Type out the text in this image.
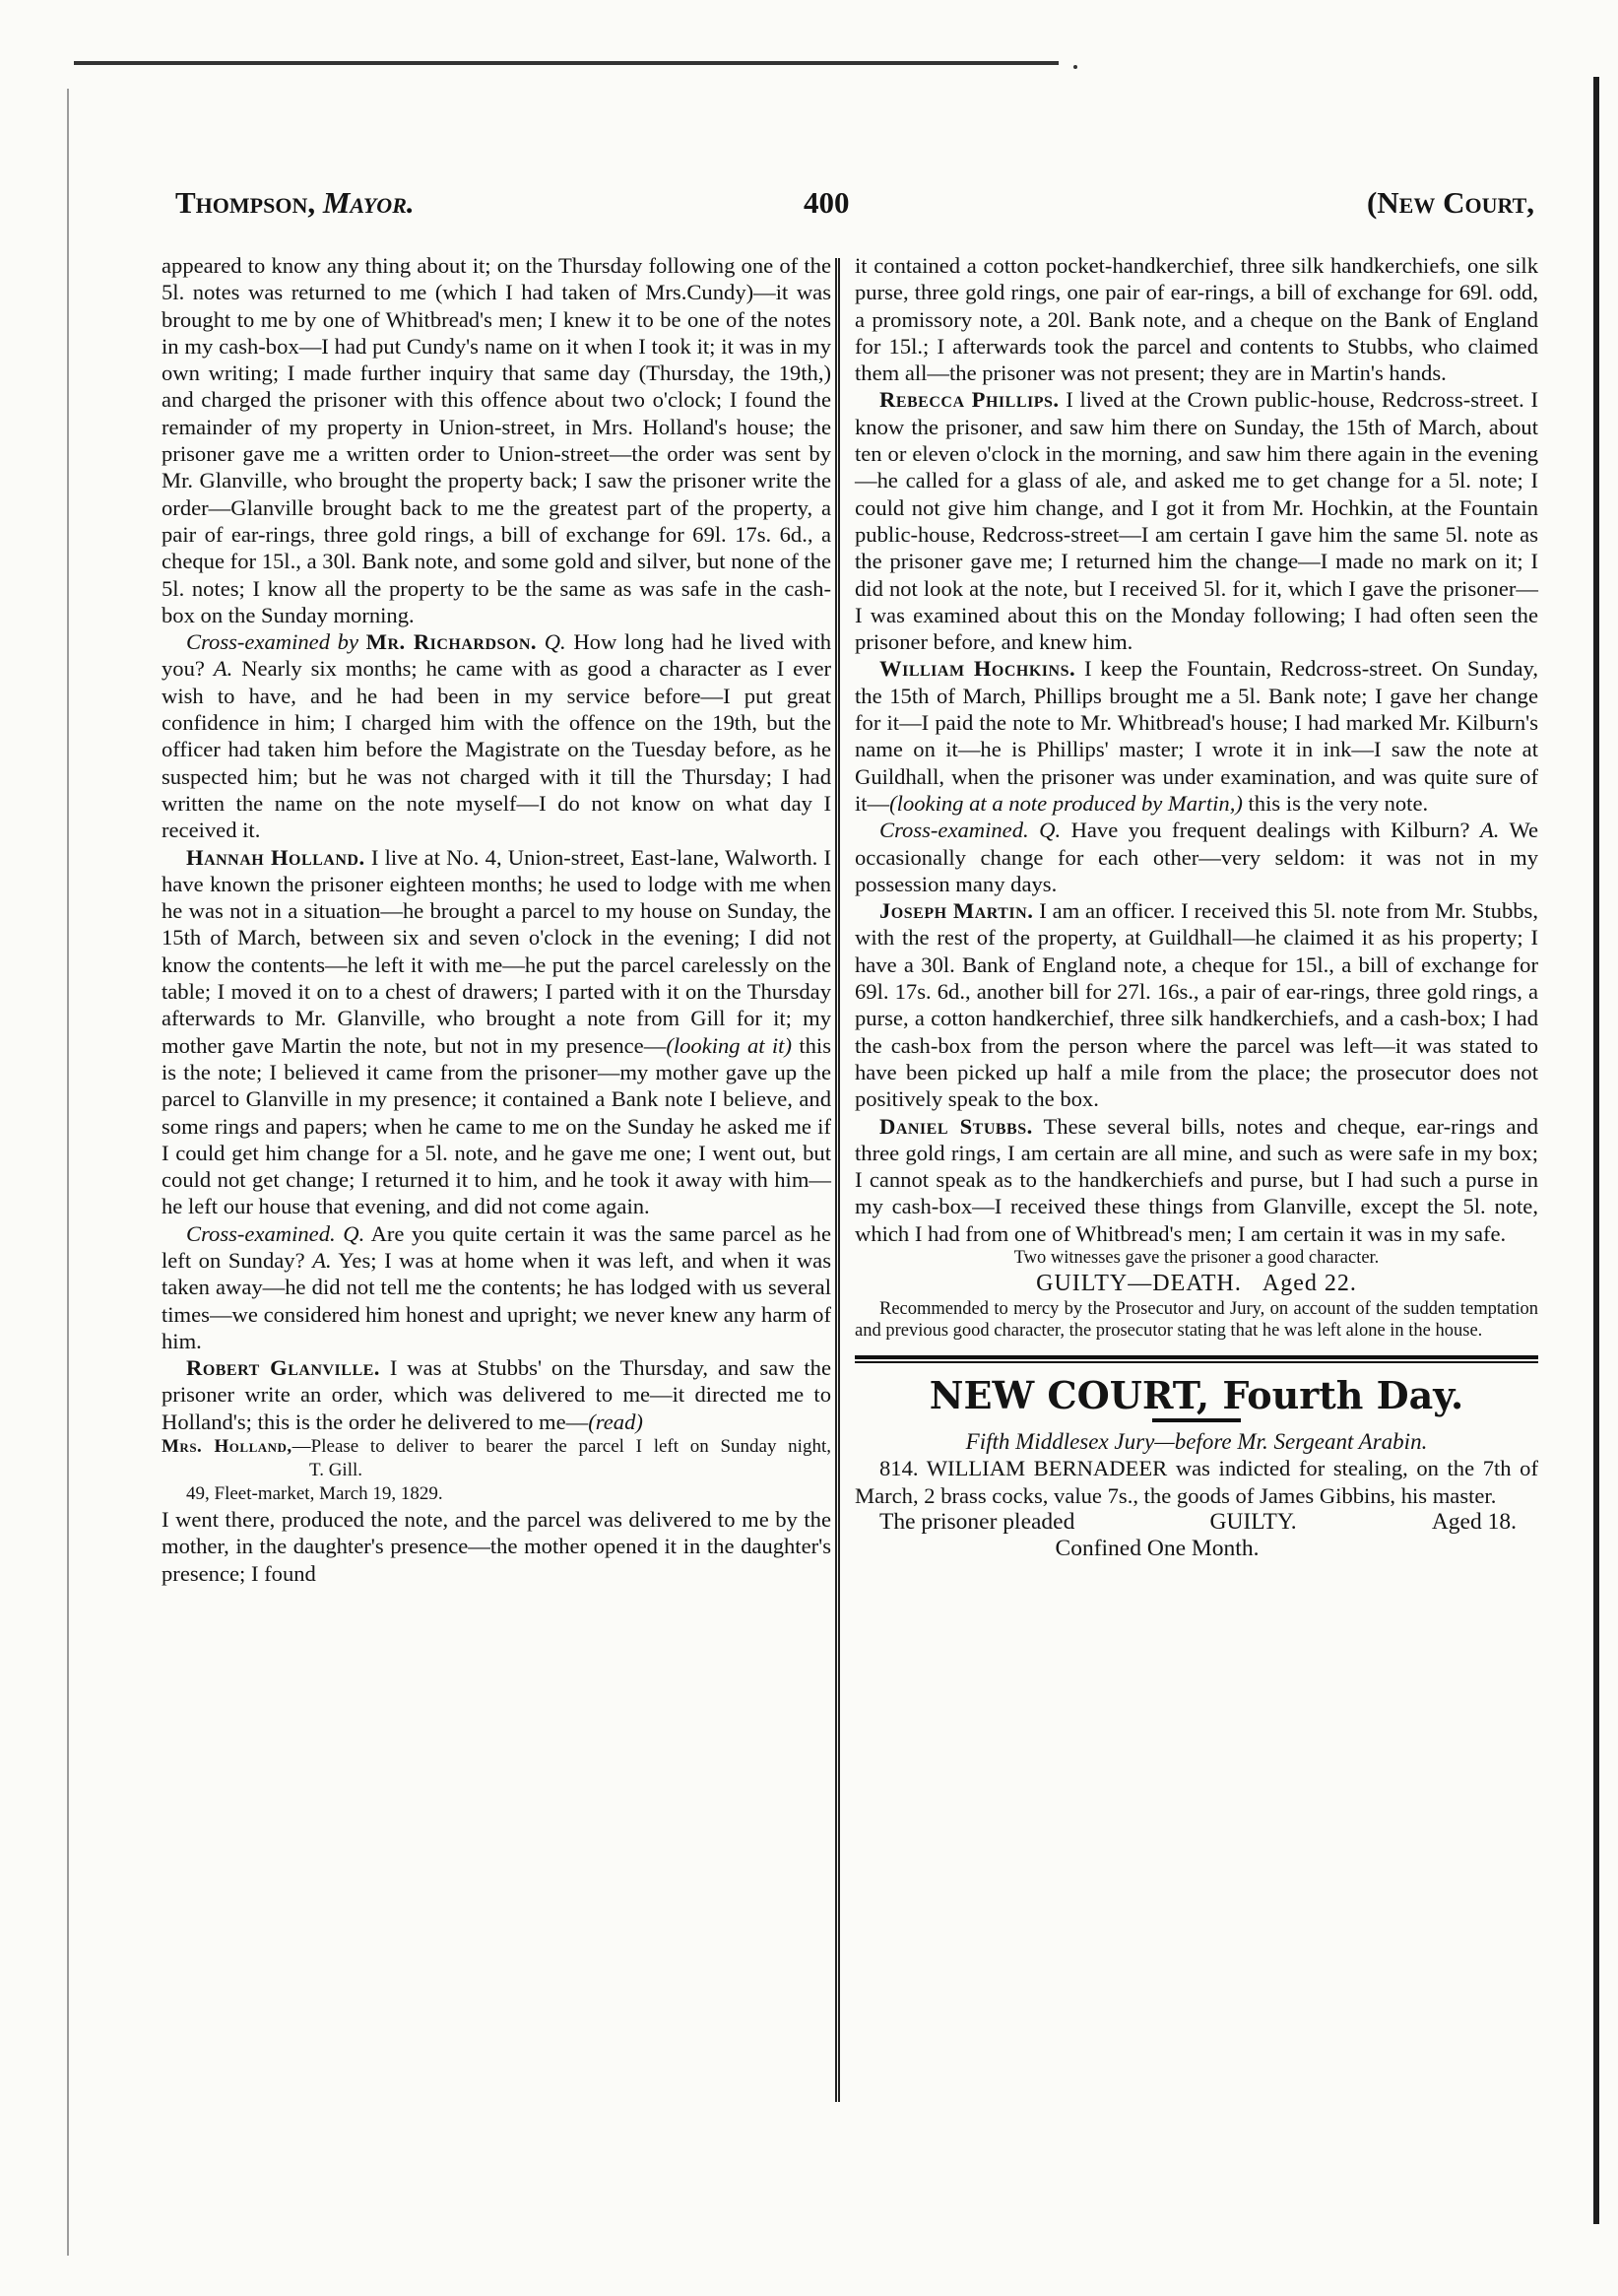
Thompson, Mayor.	400	(New Court,

appeared to know any thing about it; on the Thursday following one of the 5l. notes was returned to me (which I had taken of Mrs.Cundy)—it was brought to me by one of Whitbread's men; I knew it to be one of the notes in my cash-box—I had put Cundy's name on it when I took it; it was in my own writing; I made further inquiry that same day (Thursday, the 19th,) and charged the prisoner with this offence about two o'clock; I found the remainder of my property in Union-street, in Mrs. Holland's house; the prisoner gave me a written order to Union-street—the order was sent by Mr. Glanville, who brought the property back; I saw the prisoner write the order—Glanville brought back to me the greatest part of the property, a pair of ear-rings, three gold rings, a bill of exchange for 69l. 17s. 6d., a cheque for 15l., a 30l. Bank note, and some gold and silver, but none of the 5l. notes; I know all the property to be the same as was safe in the cash-box on the Sunday morning.

Cross-examined by Mr. Richardson. Q. How long had he lived with you? A. Nearly six months; he came with as good a character as I ever wish to have, and he had been in my service before—I put great confidence in him; I charged him with the offence on the 19th, but the officer had taken him before the Magistrate on the Tuesday before, as he suspected him; but he was not charged with it till the Thursday; I had written the name on the note myself—I do not know on what day I received it.

Hannah Holland. I live at No. 4, Union-street, East-lane, Walworth. I have known the prisoner eighteen months; he used to lodge with me when he was not in a situation—he brought a parcel to my house on Sunday, the 15th of March, between six and seven o'clock in the evening; I did not know the contents—he left it with me—he put the parcel carelessly on the table; I moved it on to a chest of drawers; I parted with it on the Thursday afterwards to Mr. Glanville, who brought a note from Gill for it; my mother gave Martin the note, but not in my presence—(looking at it) this is the note; I believed it came from the prisoner—my mother gave up the parcel to Glanville in my presence; it contained a Bank note I believe, and some rings and papers; when he came to me on the Sunday he asked me if I could get him change for a 5l. note, and he gave me one; I went out, but could not get change; I returned it to him, and he took it away with him—he left our house that evening, and did not come again.

Cross-examined. Q. Are you quite certain it was the same parcel as he left on Sunday? A. Yes; I was at home when it was left, and when it was taken away—he did not tell me the contents; he has lodged with us several times—we considered him honest and upright; we never knew any harm of him.

Robert Glanville. I was at Stubbs' on the Thursday, and saw the prisoner write an order, which was delivered to me—it directed me to Holland's; this is the order he delivered to me—(read)

Mrs. Holland,—Please to deliver to bearer the parcel I left on Sunday night, T. Gill.

49, Fleet-market, March 19, 1829.

I went there, produced the note, and the parcel was delivered to me by the mother, in the daughter's presence—the mother opened it in the daughter's presence; I found

it contained a cotton pocket-handkerchief, three silk handkerchiefs, one silk purse, three gold rings, one pair of ear-rings, a bill of exchange for 69l. odd, a promissory note, a 20l. Bank note, and a cheque on the Bank of England for 15l.; I afterwards took the parcel and contents to Stubbs, who claimed them all—the prisoner was not present; they are in Martin's hands.

Rebecca Phillips. I lived at the Crown public-house, Redcross-street. I know the prisoner, and saw him there on Sunday, the 15th of March, about ten or eleven o'clock in the morning, and saw him there again in the evening—he called for a glass of ale, and asked me to get change for a 5l. note; I could not give him change, and I got it from Mr. Hochkin, at the Fountain public-house, Redcross-street—I am certain I gave him the same 5l. note as the prisoner gave me; I returned him the change—I made no mark on it; I did not look at the note, but I received 5l. for it, which I gave the prisoner—I was examined about this on the Monday following; I had often seen the prisoner before, and knew him.

William Hochkins. I keep the Fountain, Redcross-street. On Sunday, the 15th of March, Phillips brought me a 5l. Bank note; I gave her change for it—I paid the note to Mr. Whitbread's house; I had marked Mr. Kilburn's name on it—he is Phillips' master; I wrote it in ink—I saw the note at Guildhall, when the prisoner was under examination, and was quite sure of it—(looking at a note produced by Martin,) this is the very note.

Cross-examined. Q. Have you frequent dealings with Kilburn? A. We occasionally change for each other—very seldom: it was not in my possession many days.

Joseph Martin. I am an officer. I received this 5l. note from Mr. Stubbs, with the rest of the property, at Guildhall—he claimed it as his property; I have a 30l. Bank of England note, a cheque for 15l., a bill of exchange for 69l. 17s. 6d., another bill for 27l. 16s., a pair of ear-rings, three gold rings, a purse, a cotton handkerchief, three silk handkerchiefs, and a cash-box; I had the cash-box from the person where the parcel was left—it was stated to have been picked up half a mile from the place; the prosecutor does not positively speak to the box.

Daniel Stubbs. These several bills, notes and cheque, ear-rings and three gold rings, I am certain are all mine, and such as were safe in my box; I cannot speak as to the handkerchiefs and purse, but I had such a purse in my cash-box—I received these things from Glanville, except the 5l. note, which I had from one of Whitbread's men; I am certain it was in my safe.

Two witnesses gave the prisoner a good character.

GUILTY—DEATH. Aged 22.

Recommended to mercy by the Prosecutor and Jury, on account of the sudden temptation and previous good character, the prosecutor stating that he was left alone in the house.

NEW COURT, Fourth Day.

Fifth Middlesex Jury—before Mr. Sergeant Arabin.

814. WILLIAM BERNADEER was indicted for stealing, on the 7th of March, 2 brass cocks, value 7s., the goods of James Gibbins, his master.

The prisoner pleaded	GUILTY.	Aged 18.

Confined One Month.
